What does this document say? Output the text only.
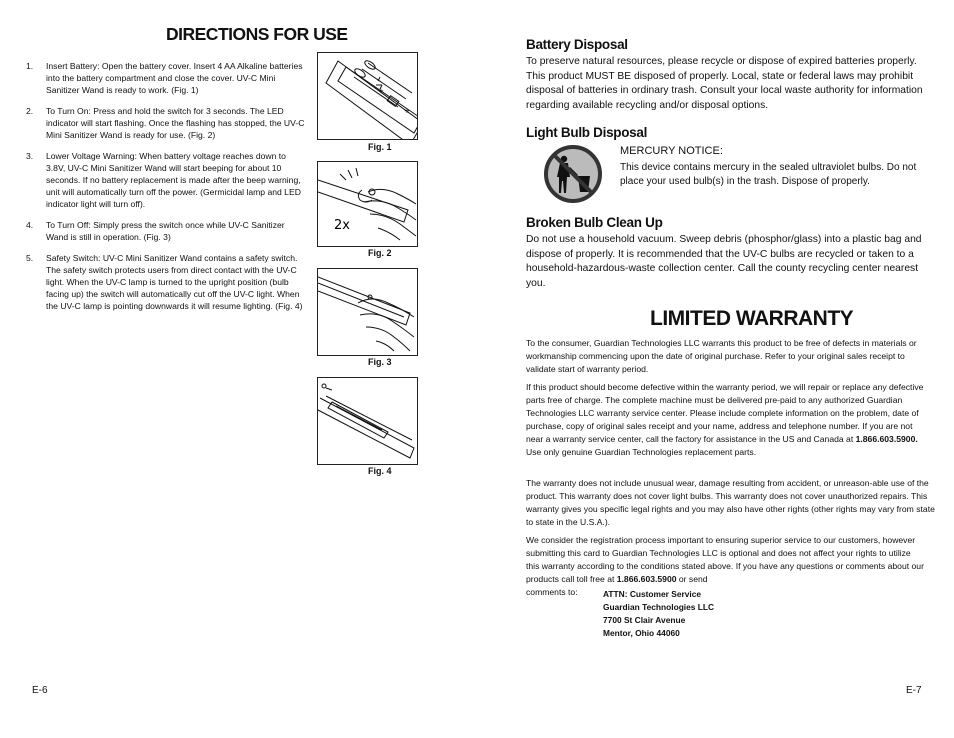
DIRECTIONS FOR USE
1. Insert Battery: Open the battery cover. Insert 4 AA Alkaline batteries into the battery compartment and close the cover. UV-C Mini Sanitizer Wand is ready to work. (Fig. 1)
2. To Turn On: Press and hold the switch for 3 seconds. The LED indicator will start flashing. Once the flashing has stopped, the UV-C Mini Sanitizer Wand is ready for use. (Fig. 2)
3. Lower Voltage Warning: When battery voltage reaches down to 3.8V, UV-C Mini Sanitizer Wand will start beeping for about 10 seconds. If no battery replacement is made after the beep warning, unit will automatically turn off the power. (Germicidal lamp and LED indicator light will turn off).
4. To Turn Off: Simply press the switch once while UV-C Sanitizer Wand is still in operation. (Fig. 3)
5. Safety Switch: UV-C Mini Sanitizer Wand contains a safety switch. The safety switch protects users from direct contact with the UV-C light. When the UV-C lamp is turned to the upright position (bulb facing up) the switch will automatically cut off the UV-C light. When the UV-C lamp is pointing downwards it will resume lighting. (Fig. 4)
+
+
Fig. 1
2x
Fig. 2
Fig. 3
Fig. 4
E-6
Battery Disposal
To preserve natural resources, please recycle or dispose of expired batteries properly. This product MUST BE disposed of properly. Local, state or federal laws may prohibit disposal of batteries in ordinary trash. Consult your local waste authority for information regarding available recycling and/or disposal options.
Light Bulb Disposal
MERCURY NOTICE:
This device contains mercury in the sealed ultraviolet bulbs. Do not place your used bulb(s) in the trash. Dispose of properly.
Broken Bulb Clean Up
Do not use a household vacuum. Sweep debris (phosphor/glass) into a plastic bag and dispose of properly. It is recommended that the UV-C bulbs are recycled or taken to a household-hazardous-waste collection center. Call the county recycling center nearest you.
LIMITED WARRANTY
To the consumer, Guardian Technologies LLC warrants this product to be free of defects in materials or workmanship commencing upon the date of original purchase. Refer to your original sales receipt to validate start of warranty period.
If this product should become defective within the warranty period, we will repair or replace any defective parts free of charge. The complete machine must be delivered pre-paid to any authorized Guardian Technologies LLC warranty service center. Please include complete information on the problem, date of purchase, copy of original sales receipt and your name, address and telephone number. If you are not near a warranty service center, call the factory for assistance in the US and Canada at 1.866.603.5900. Use only genuine Guardian Technologies replacement parts.
The warranty does not include unusual wear, damage resulting from accident, or unreason-able use of the product. This warranty does not cover light bulbs. This warranty does not cover unauthorized repairs. This warranty gives you specific legal rights and you may also have other rights (other rights may vary from state to state in the U.S.A.).
We consider the registration process important to ensuring superior service to our customers, however submitting this card to Guardian Technologies LLC is optional and does not affect your rights to utilize this warranty according to the conditions stated above. If you have any questions or comments about our products call toll free at 1.866.603.5900 or send
comments to:	ATTN: Customer Service
Guardian Technologies LLC
7700 St Clair Avenue
Mentor, Ohio 44060
E-7
